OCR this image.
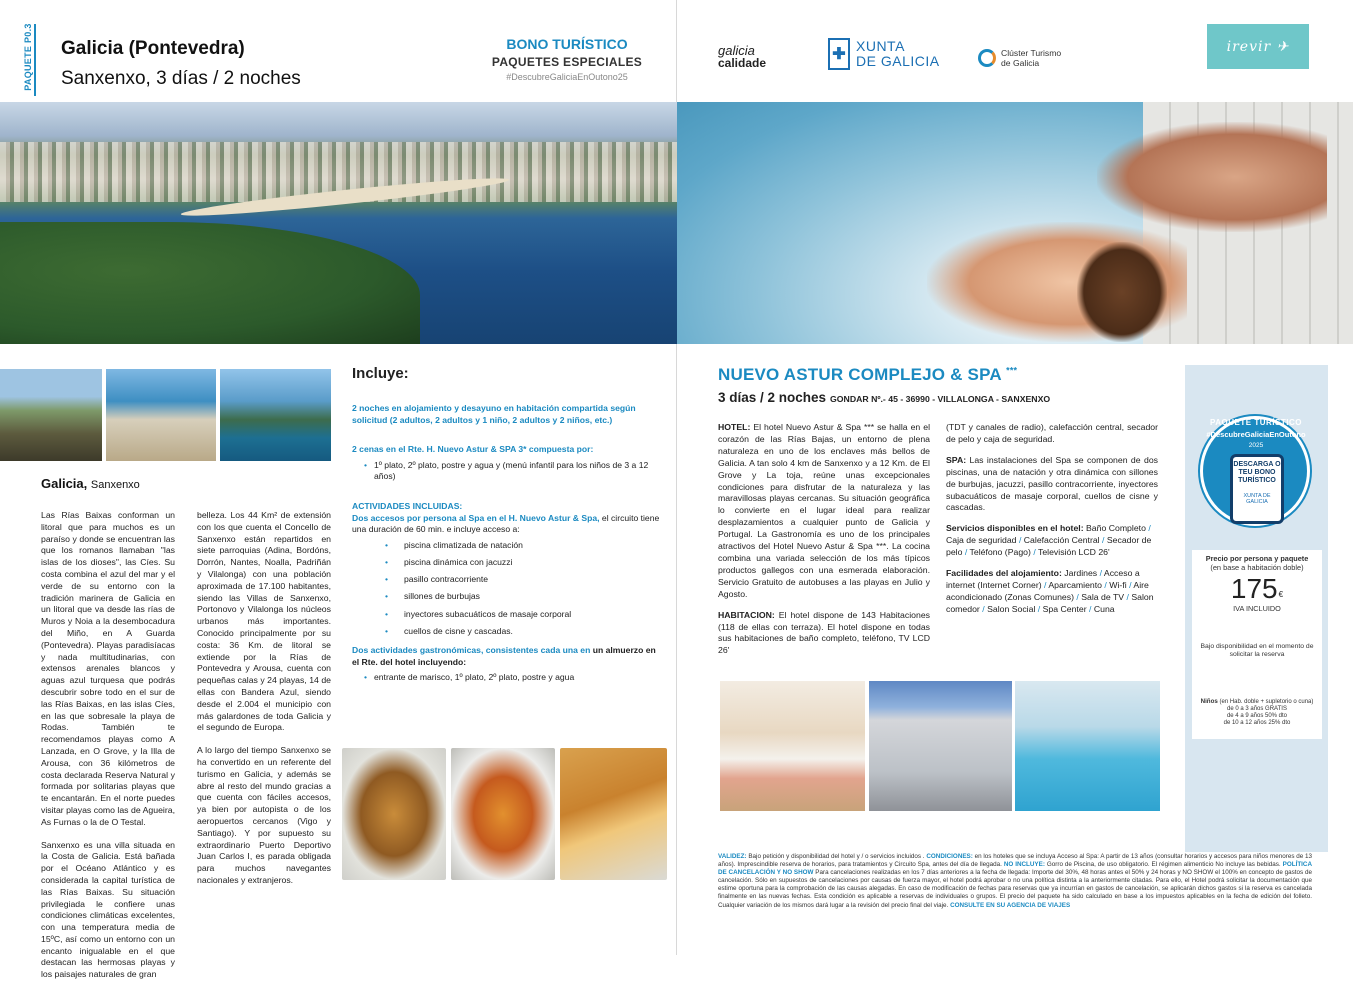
PAQUETE P0.3 Galicia (Pontevedra)
Sanxenxo, 3 días / 2 noches
BONO TURÍSTICO
PAQUETES ESPECIALES
#DescubreGaliciaEnOutono25
Galicia, Sanxenxo

Las Rías Baixas conforman un litoral que para muchos es un paraíso y donde se encuentran las que los romanos llamaban "las islas de los dioses", las Cíes. Su costa combina el azul del mar y el verde de su entorno con la tradición marinera de Galicia en un litoral que va desde las rías de Muros y Noia a la desembocadura del Miño, en A Guarda (Pontevedra). Playas paradisíacas y nada multitudinarias, con extensos arenales blancos y aguas azul turquesa que podrás descubrir sobre todo en el sur de las Rías Baixas, en las islas Cíes, en las que sobresale la playa de Rodas. También te recomendamos playas como A Lanzada, en O Grove, y la Illa de Arousa, con 36 kilómetros de costa declarada Reserva Natural y formada por solitarias playas que te encantarán. En el norte puedes visitar playas como las de Agueira, As Furnas o la de O Testal.

Sanxenxo es una villa situada en la Costa de Galicia. Está bañada por el Océano Atlántico y es considerada la capital turística de las Rías Baixas. Su situación privilegiada le confiere unas condiciones climáticas excelentes, con una temperatura media de 15ºC, así como un entorno con un encanto inigualable en el que destacan las hermosas playas y los paisajes naturales de gran

belleza. Los 44 Km² de extensión con los que cuenta el Concello de Sanxenxo están repartidos en siete parroquias (Adina, Bordóns, Dorrón, Nantes, Noalla, Padriñán y Vilalonga) con una población aproximada de 17.100 habitantes, siendo las Villas de Sanxenxo, Portonovo y Vilalonga los núcleos urbanos más importantes. Conocido principalmente por su costa: 36 Km. de litoral se extiende por la Rías de Pontevedra y Arousa, cuenta con pequeñas calas y 24 playas, 14 de ellas con Bandera Azul, siendo desde el 2.004 el municipio con más galardones de toda Galicia y el segundo de Europa.

A lo largo del tiempo Sanxenxo se ha convertido en un referente del turismo en Galicia, y además se abre al resto del mundo gracias a que cuenta con fáciles accesos, ya bien por autopista o de los aeropuertos cercanos (Vigo y Santiago). Y por supuesto su extraordinario Puerto Deportivo Juan Carlos I, es parada obligada para muchos navegantes nacionales y extranjeros.

Incluye:
2 noches en alojamiento y desayuno en habitación compartida según solicitud (2 adultos, 2 adultos y 1 niño, 2 adultos y 2 niños, etc.)
2 cenas en el Rte. H. Nuevo Astur & SPA 3* compuesta por:
• 1º plato, 2º plato, postre y agua y (menú infantil para los niños de 3 a 12 años)
ACTIVIDADES INCLUIDAS:
Dos accesos por persona al Spa en el H. Nuevo Astur & Spa, el circuito tiene una duración de 60 min. e incluye acceso a:
• piscina climatizada de natación
• piscina dinámica con jacuzzi
• pasillo contracorriente
• sillones de burbujas
• inyectores subacuáticos de masaje corporal
• cuellos de cisne y cascadas.
Dos actividades gastronómicas, consistentes cada una en un almuerzo en el Rte. del hotel incluyendo:
• entrante de marisco, 1º plato, 2º plato, postre y agua
galicia
calidade	✚ XUNTA
DE GALICIA	Clúster Turismo
de Galicia
irevir ✈
NUEVO ASTUR COMPLEJO & SPA ***
3 días / 2 noches GONDAR Nº.- 45 - 36990 - VILLALONGA - SANXENXO

HOTEL: El hotel Nuevo Astur & Spa *** se halla en el corazón de las Rías Bajas, un entorno de plena naturaleza en uno de los enclaves más bellos de Galicia. A tan solo 4 km de Sanxenxo y a 12 Km. de El Grove y La toja, reúne unas excepcionales condiciones para disfrutar de la naturaleza y las maravillosas playas cercanas. Su situación geográfica lo convierte en el lugar ideal para realizar desplazamientos a cualquier punto de Galicia y Portugal. La Gastronomía es uno de los principales atractivos del Hotel Nuevo Astur & Spa ***. La cocina combina una variada selección de los más típicos productos gallegos con una esmerada elaboración. Servicio Gratuito de autobuses a las playas en Julio y Agosto.

HABITACION: El hotel dispone de 143 Habitaciones (118 de ellas con terraza). El hotel dispone en todas sus habitaciones de baño completo, teléfono, TV LCD 26'

(TDT y canales de radio), calefacción central, secador de pelo y caja de seguridad.

SPA: Las instalaciones del Spa se componen de dos piscinas, una de natación y otra dinámica con sillones de burbujas, jacuzzi, pasillo contracorriente, inyectores subacuáticos de masaje corporal, cuellos de cisne y cascadas.

Servicios disponibles en el hotel: Baño Completo / Caja de seguridad / Calefacción Central / Secador de pelo / Teléfono (Pago) / Televisión LCD 26'

Facilidades del alojamiento: Jardines / Acceso a internet (Internet Corner) / Aparcamiento / Wi-fi / Aire acondicionado (Zonas Comunes) / Sala de TV / Salon comedor / Salon Social / Spa Center / Cuna

PAQUETE TURÍSTICO
#DescubreGaliciaEnOutono
2025
DESCARGA O TEU BONO TURÍSTICO
XUNTA DE GALICIA
Precio por persona y paquete
(en base a habitación doble)
175€
IVA INCLUIDO
Bajo disponibilidad en el momento de solicitar la reserva
Niños (en Hab. doble + supletorio o cuna)
de 0 a 3 años GRATIS
de 4 a 9 años 50% dto
de 10 a 12 años 25% dto
VALIDEZ: Bajo petición y disponibilidad del hotel y / o servicios incluidos . CONDICIONES: en los hoteles que se incluya Acceso al Spa: A partir de 13 años (consultar horarios y accesos para niños menores de 13 años). Imprescindible reserva de horarios, para tratamientos y Circuito Spa, antes del día de llegada. NO INCLUYE: Gorro de Piscina, de uso obligatorio. El régimen alimenticio No incluye las bebidas. POLÍTICA DE CANCELACIÓN Y NO SHOW Para cancelaciones realizadas en los 7 días anteriores a la fecha de llegada: Importe del 30%, 48 horas antes el 50% y 24 horas y NO SHOW el 100% en concepto de gastos de cancelación. Sólo en supuestos de cancelaciones por causas de fuerza mayor, el hotel podrá aprobar o no una política distinta a la anteriormente citadas. Para ello, el Hotel podrá solicitar la documentación que estime oportuna para la comprobación de las causas alegadas. En caso de modificación de fechas para reservas que ya incurrían en gastos de cancelación, se aplicarán dichos gastos si la reserva es cancelada finalmente en las nuevas fechas. Esta condición es aplicable a reservas de individuales o grupos. El precio del paquete ha sido calculado en base a los impuestos aplicables en la fecha de edición del folleto. Cualquier variación de los mismos dará lugar a la revisión del precio final del viaje. CONSULTE EN SU AGENCIA DE VIAJES
